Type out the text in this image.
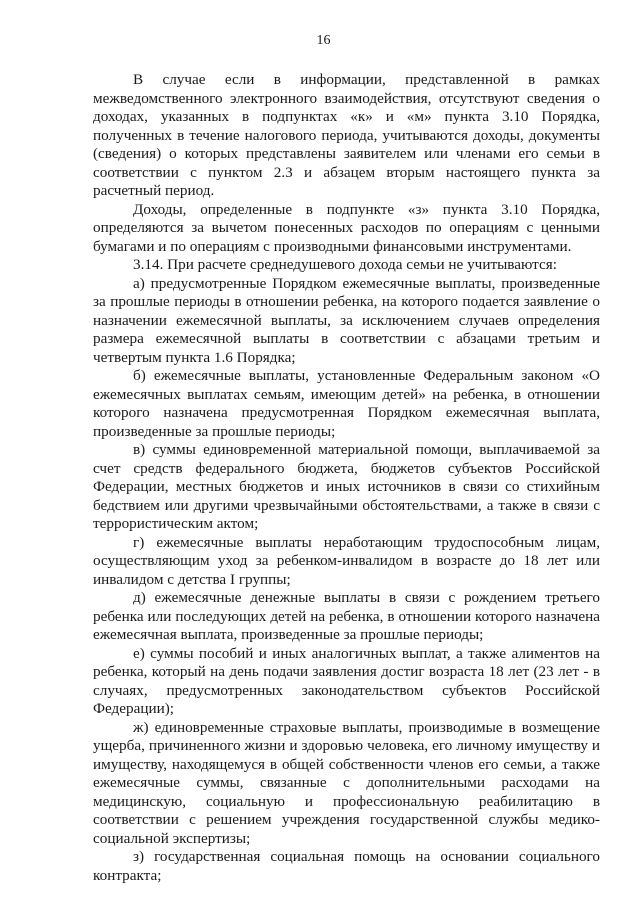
16

В случае если в информации, представленной в рамках межведомственного электронного взаимодействия, отсутствуют сведения о доходах, указанных в подпунктах «к» и «м» пункта 3.10 Порядка, полученных в течение налогового периода, учитываются доходы, документы (сведения) о которых представлены заявителем или членами его семьи в соответствии с пунктом 2.3 и абзацем вторым настоящего пункта за расчетный период.

Доходы, определенные в подпункте «з» пункта 3.10 Порядка, определяются за вычетом понесенных расходов по операциям с ценными бумагами и по операциям с производными финансовыми инструментами.

3.14. При расчете среднедушевого дохода семьи не учитываются:

а) предусмотренные Порядком ежемесячные выплаты, произведенные за прошлые периоды в отношении ребенка, на которого подается заявление о назначении ежемесячной выплаты, за исключением случаев определения размера ежемесячной выплаты в соответствии с абзацами третьим и четвертым пункта 1.6 Порядка;

б) ежемесячные выплаты, установленные Федеральным законом «О ежемесячных выплатах семьям, имеющим детей» на ребенка, в отношении которого назначена предусмотренная Порядком ежемесячная выплата, произведенные за прошлые периоды;

в) суммы единовременной материальной помощи, выплачиваемой за счет средств федерального бюджета, бюджетов субъектов Российской Федерации, местных бюджетов и иных источников в связи со стихийным бедствием или другими чрезвычайными обстоятельствами, а также в связи с террористическим актом;

г) ежемесячные выплаты неработающим трудоспособным лицам, осуществляющим уход за ребенком-инвалидом в возрасте до 18 лет или инвалидом с детства I группы;

д) ежемесячные денежные выплаты в связи с рождением третьего ребенка или последующих детей на ребенка, в отношении которого назначена ежемесячная выплата, произведенные за прошлые периоды;

е) суммы пособий и иных аналогичных выплат, а также алиментов на ребенка, который на день подачи заявления достиг возраста 18 лет (23 лет - в случаях, предусмотренных законодательством субъектов Российской Федерации);

ж) единовременные страховые выплаты, производимые в возмещение ущерба, причиненного жизни и здоровью человека, его личному имуществу и имуществу, находящемуся в общей собственности членов его семьи, а также ежемесячные суммы, связанные с дополнительными расходами на медицинскую, социальную и профессиональную реабилитацию в соответствии с решением учреждения государственной службы медико-социальной экспертизы;

з) государственная социальная помощь на основании социального контракта;
